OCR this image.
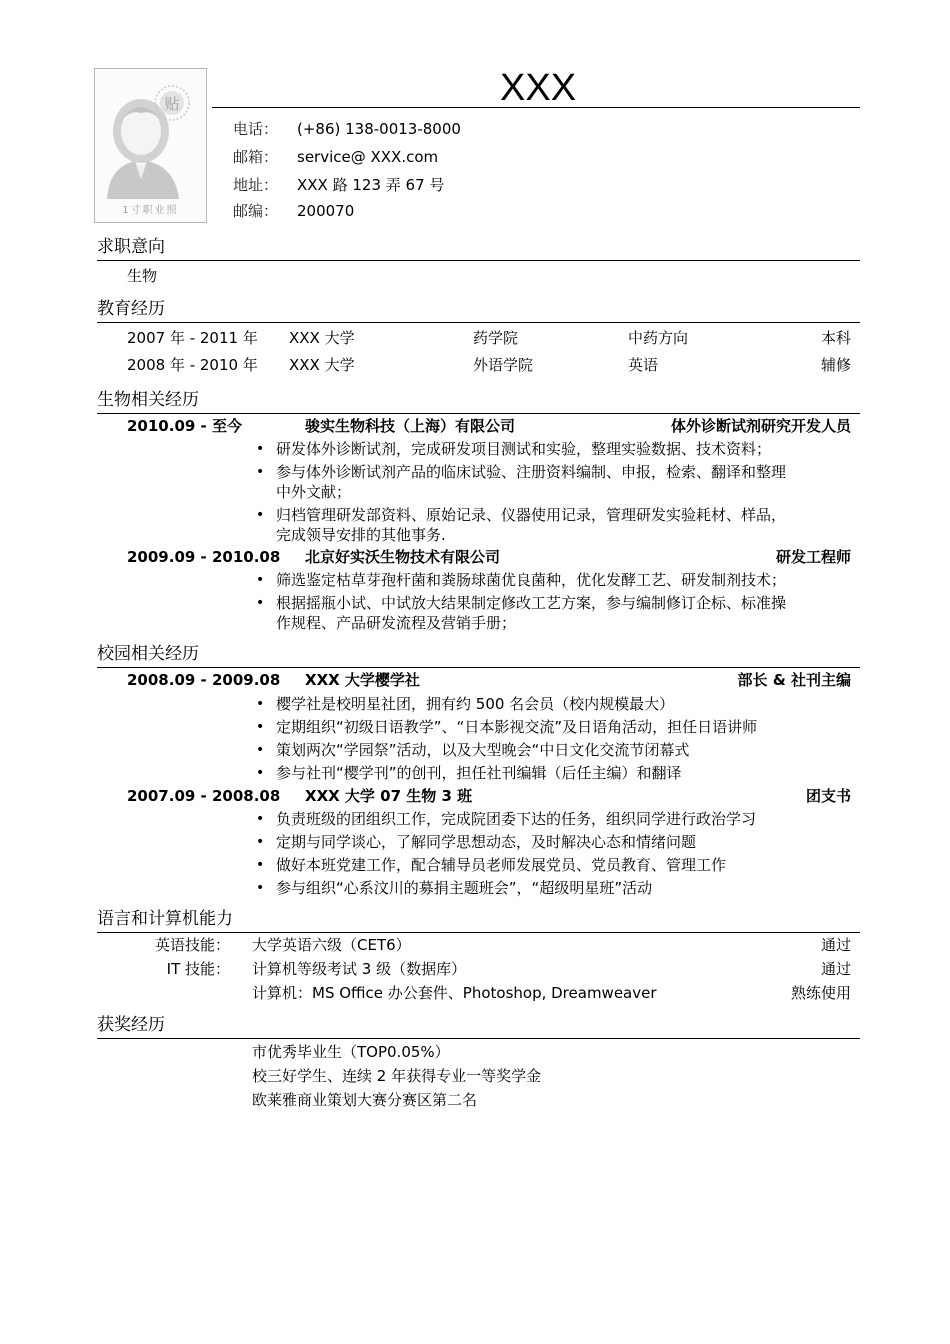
贴
1寸职业照
XXX
电话： (+86) 138-0013-8000
邮箱： service@ XXX.com
地址： XXX 路 123 弄 67 号
邮编： 200070
求职意向
生物
教育经历
2007 年 - 2011 年 XXX 大学	药学院	中药方向	本科
2008 年 - 2010 年 XXX 大学	外语学院	英语	辅修
生物相关经历
2010.09 - 至今	骏实生物科技（上海）有限公司	体外诊断试剂研究开发人员
• 研发体外诊断试剂，完成研发项目测试和实验，整理实验数据、技术资料；
• 参与体外诊断试剂产品的临床试验、注册资料编制、申报，检索、翻译和整理
中外文献；
• 归档管理研发部资料、原始记录、仪器使用记录，管理研发实验耗材、样品，
完成领导安排的其他事务.
2009.09 - 2010.08 北京好实沃生物技术有限公司	研发工程师
• 筛选鉴定枯草芽孢杆菌和粪肠球菌优良菌种，优化发酵工艺、研发制剂技术；
• 根据摇瓶小试、中试放大结果制定修改工艺方案，参与编制修订企标、标准操
作规程、产品研发流程及营销手册；
校园相关经历
2008.09 - 2009.08 XXX 大学樱学社	部长 & 社刊主编
• 樱学社是校明星社团，拥有约 500 名会员（校内规模最大）
• 定期组织“初级日语教学”、“日本影视交流”及日语角活动，担任日语讲师
• 策划两次“学园祭”活动，以及大型晚会“中日文化交流节闭幕式
• 参与社刊“樱学刊”的创刊，担任社刊编辑（后任主编）和翻译
2007.09 - 2008.08 XXX 大学 07 生物 3 班	团支书
• 负责班级的团组织工作，完成院团委下达的任务，组织同学进行政治学习
• 定期与同学谈心，了解同学思想动态，及时解决心态和情绪问题
• 做好本班党建工作，配合辅导员老师发展党员、党员教育、管理工作
• 参与组织“心系汶川的募捐主题班会”，“超级明星班”活动
语言和计算机能力
英语技能： 大学英语六级（CET6）	通过
IT 技能： 计算机等级考试 3 级（数据库）	通过
计算机：MS Office 办公套件、Photoshop, Dreamweaver	熟练使用
获奖经历
市优秀毕业生（TOP0.05%）
校三好学生、连续 2 年获得专业一等奖学金
欧莱雅商业策划大赛分赛区第二名
